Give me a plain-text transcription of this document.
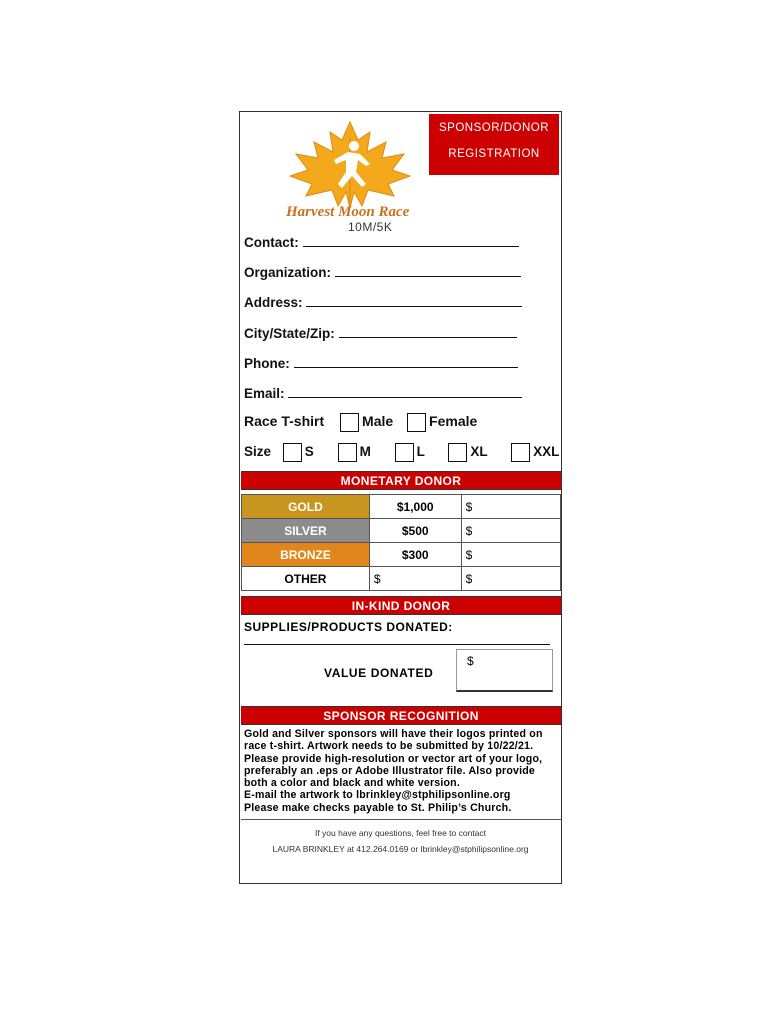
Harvest Moon Race
10M/5K
SPONSOR/DONOR
REGISTRATION
Contact:
Organization:
Address:
City/State/Zip:
Phone:
Email:
Race T-shirt	Male	Female
Size	S	M	L	XL	XXL
MONETARY DONOR
GOLD	$1,000	$
SILVER	$500	$
BRONZE	$300	$
OTHER	$	$
IN-KIND DONOR
SUPPLIES/PRODUCTS DONATED:
VALUE DONATED
$
SPONSOR RECOGNITION
Gold and Silver sponsors will have their logos printed on
race t-shirt. Artwork needs to be submitted by 10/22/21.
Please provide high-resolution or vector art of your logo,
preferably an .eps or Adobe Illustrator file. Also provide
both a color and black and white version.
E-mail the artwork to lbrinkley@stphilipsonline.org
Please make checks payable to St. Philip’s Church.
If you have any questions, feel free to contact
LAURA BRINKLEY at 412.264.0169 or lbrinkley@stphilipsonline.org
